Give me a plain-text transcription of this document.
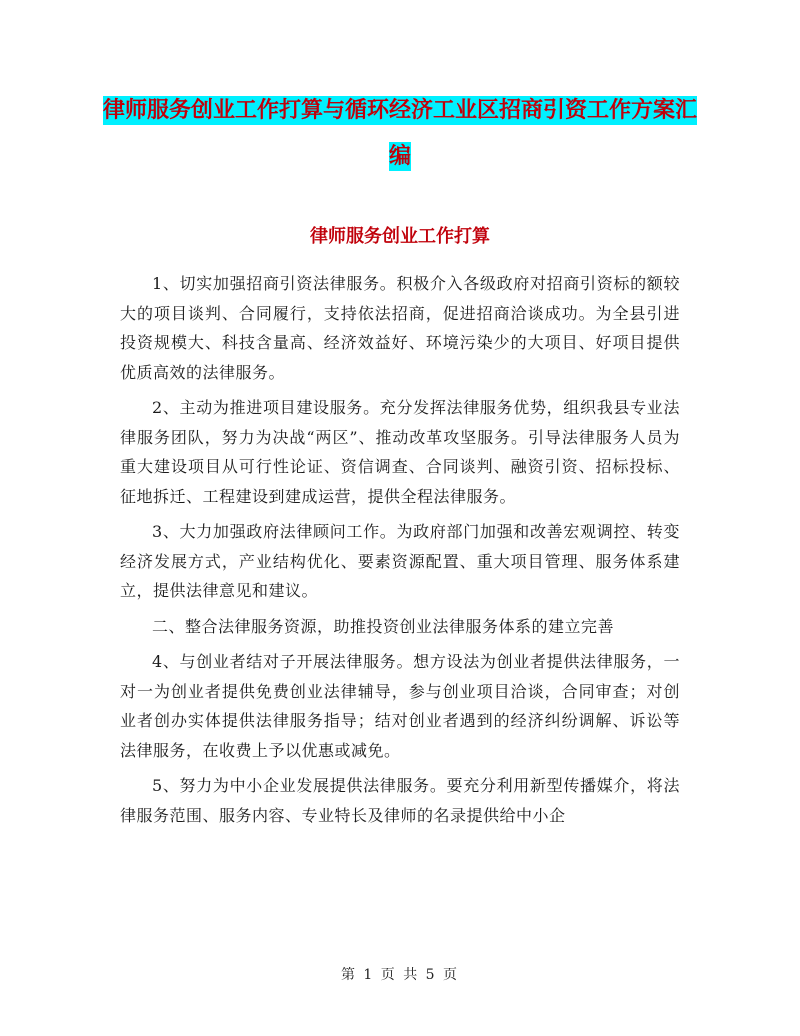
律师服务创业工作打算与循环经济工业区招商引资工作方案汇编
律师服务创业工作打算

1、切实加强招商引资法律服务。积极介入各级政府对招商引资标的额较大的项目谈判、合同履行，支持依法招商，促进招商洽谈成功。为全县引进投资规模大、科技含量高、经济效益好、环境污染少的大项目、好项目提供优质高效的法律服务。

2、主动为推进项目建设服务。充分发挥法律服务优势，组织我县专业法律服务团队，努力为决战“两区”、推动改革攻坚服务。引导法律服务人员为重大建设项目从可行性论证、资信调查、合同谈判、融资引资、招标投标、征地拆迁、工程建设到建成运营，提供全程法律服务。

3、大力加强政府法律顾问工作。为政府部门加强和改善宏观调控、转变经济发展方式，产业结构优化、要素资源配置、重大项目管理、服务体系建立，提供法律意见和建议。

二、整合法律服务资源，助推投资创业法律服务体系的建立完善

4、与创业者结对子开展法律服务。想方设法为创业者提供法律服务，一对一为创业者提供免费创业法律辅导，参与创业项目洽谈，合同审查；对创业者创办实体提供法律服务指导；结对创业者遇到的经济纠纷调解、诉讼等法律服务，在收费上予以优惠或减免。

5、努力为中小企业发展提供法律服务。要充分利用新型传播媒介，将法律服务范围、服务内容、专业特长及律师的名录提供给中小企

第 1 页 共 5 页
